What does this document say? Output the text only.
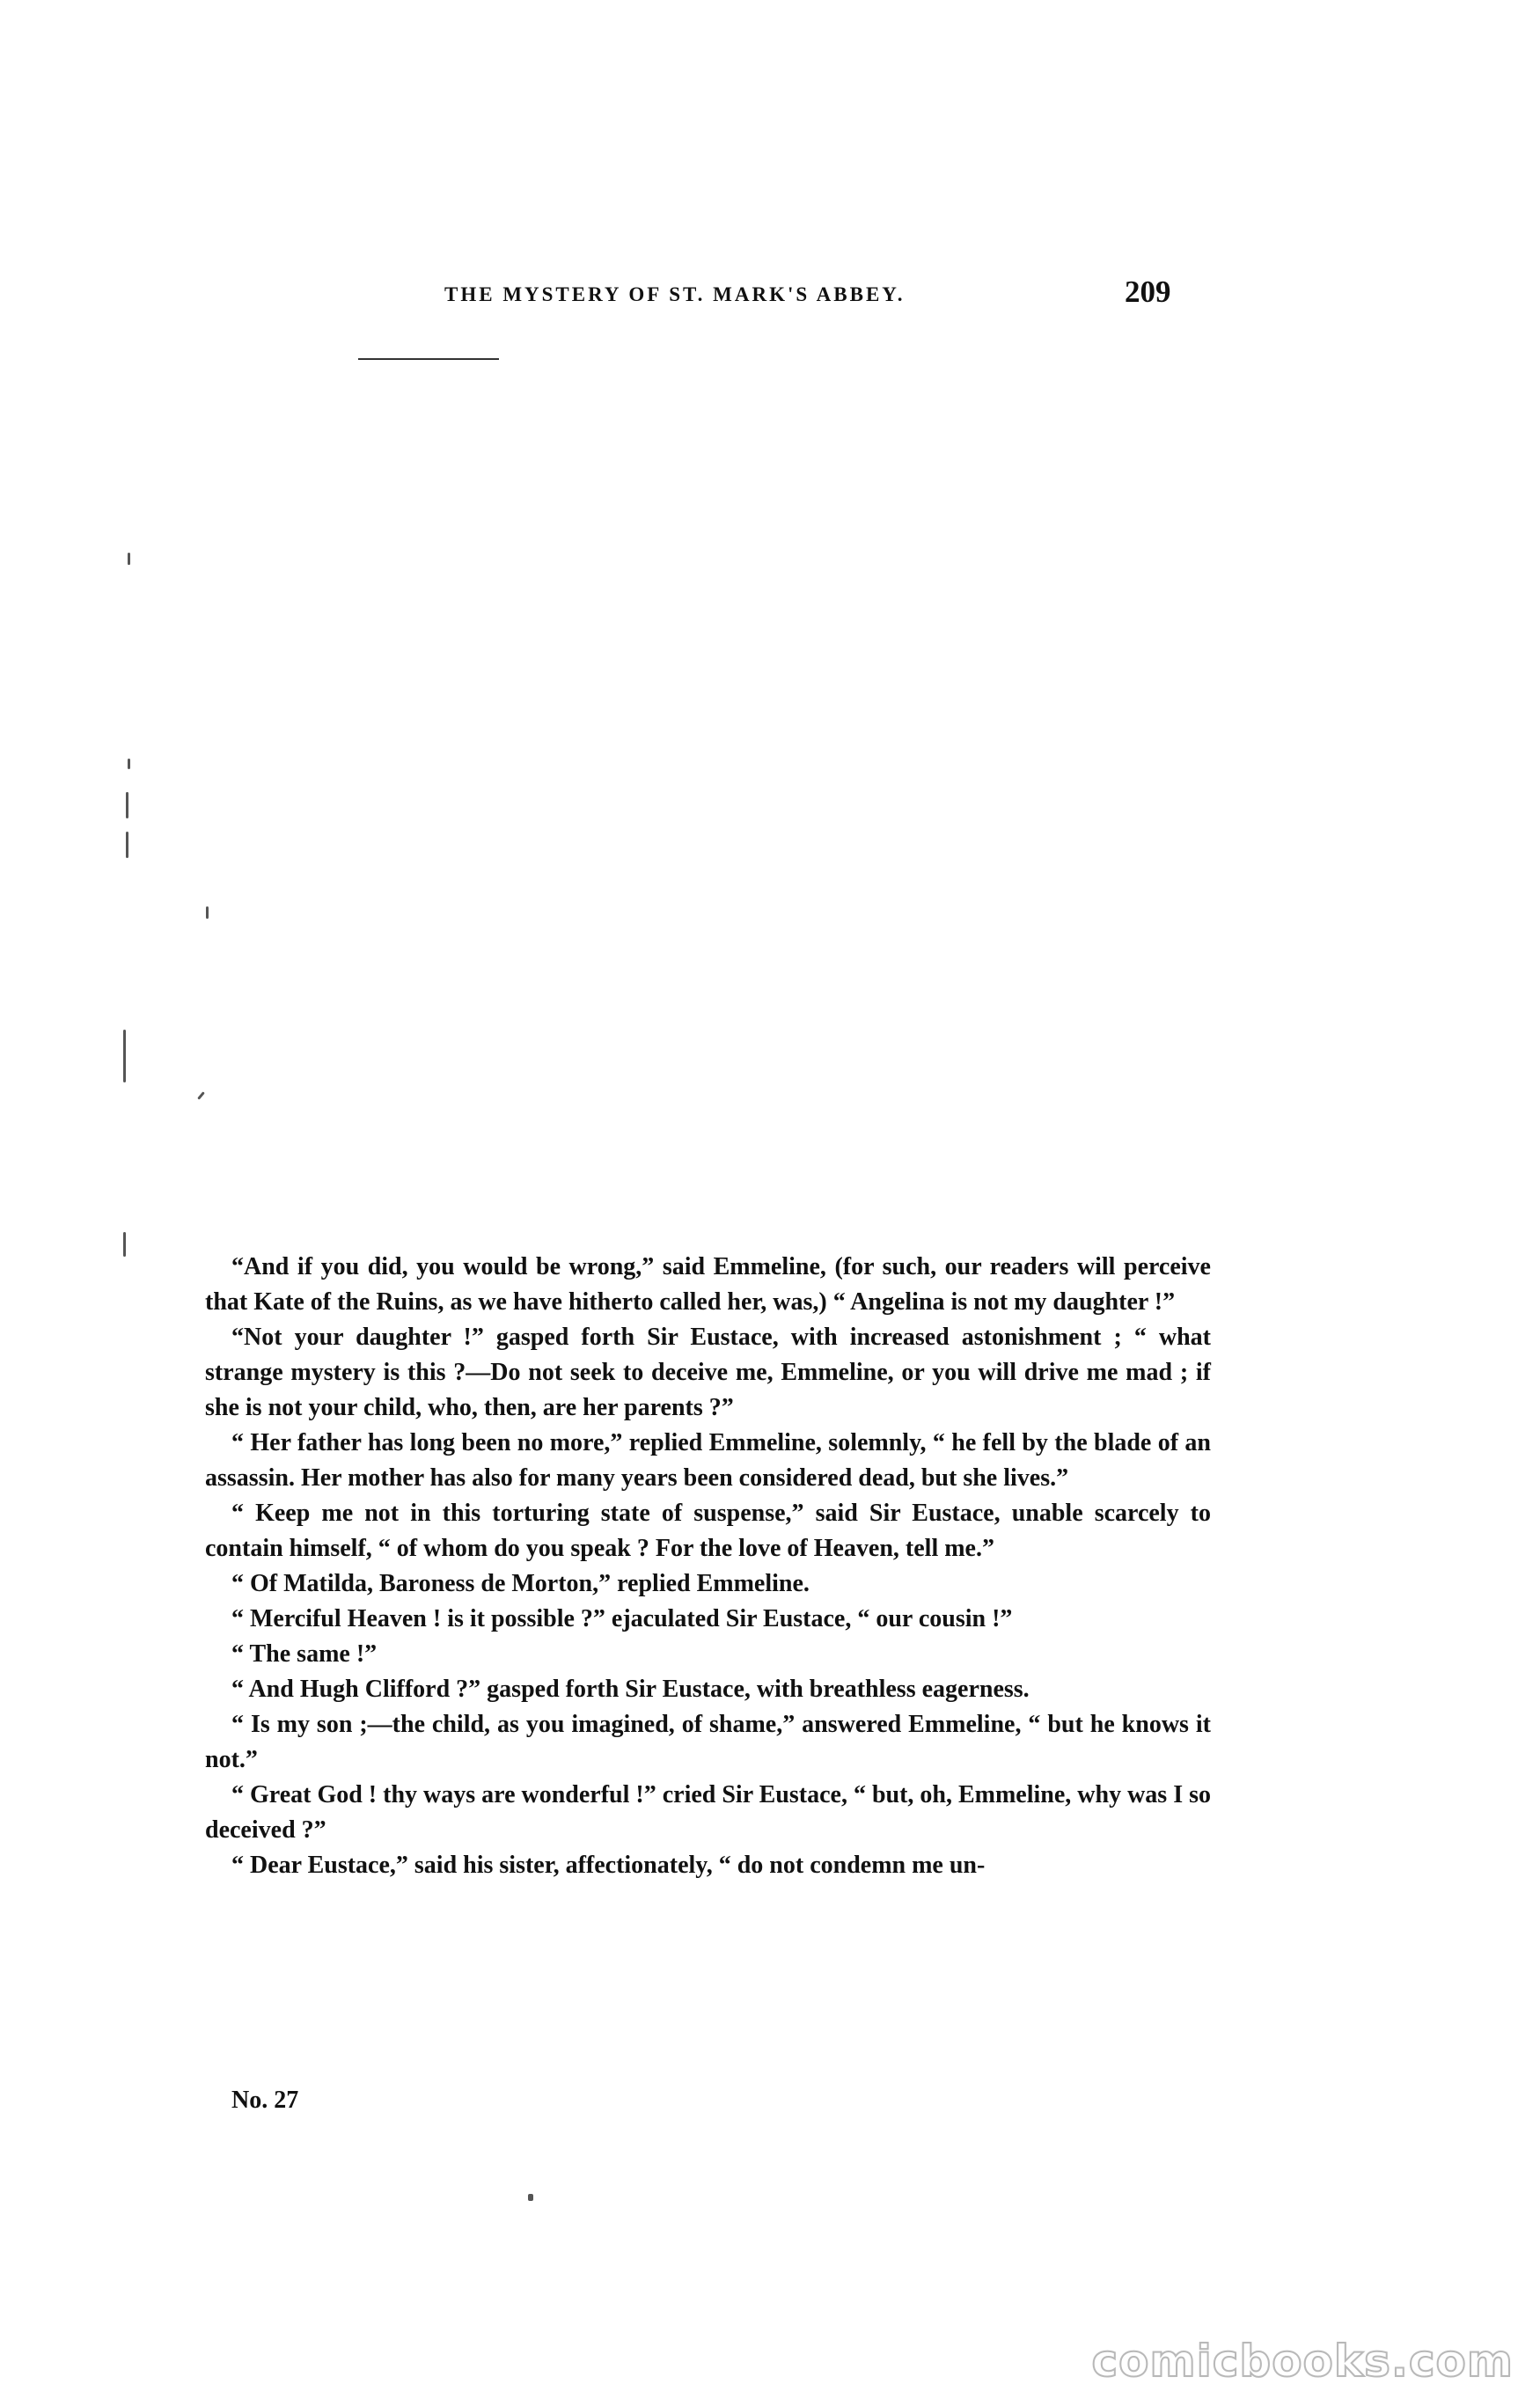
THE MYSTERY OF ST. MARK'S ABBEY.	209

“And if you did, you would be wrong,” said Emmeline, (for such, our readers will perceive that Kate of the Ruins, as we have hitherto called her, was,) “ Angelina is not my daughter !”

“Not your daughter !” gasped forth Sir Eustace, with increased astonishment ; “ what strange mystery is this ?—Do not seek to deceive me, Emmeline, or you will drive me mad ; if she is not your child, who, then, are her parents ?”

“ Her father has long been no more,” replied Emmeline, solemnly, “ he fell by the blade of an assassin. Her mother has also for many years been considered dead, but she lives.”

“ Keep me not in this torturing state of suspense,” said Sir Eustace, unable scarcely to contain himself, “ of whom do you speak ? For the love of Heaven, tell me.”

“ Of Matilda, Baroness de Morton,” replied Emmeline.

“ Merciful Heaven ! is it possible ?” ejaculated Sir Eustace, “ our cousin !”

“ The same !”

“ And Hugh Clifford ?” gasped forth Sir Eustace, with breathless eagerness.

“ Is my son ;—the child, as you imagined, of shame,” answered Emmeline, “ but he knows it not.”

“ Great God ! thy ways are wonderful !” cried Sir Eustace, “ but, oh, Emmeline, why was I so deceived ?”

“ Dear Eustace,” said his sister, affectionately, “ do not condemn me un-

No. 27
comicbooks.com
